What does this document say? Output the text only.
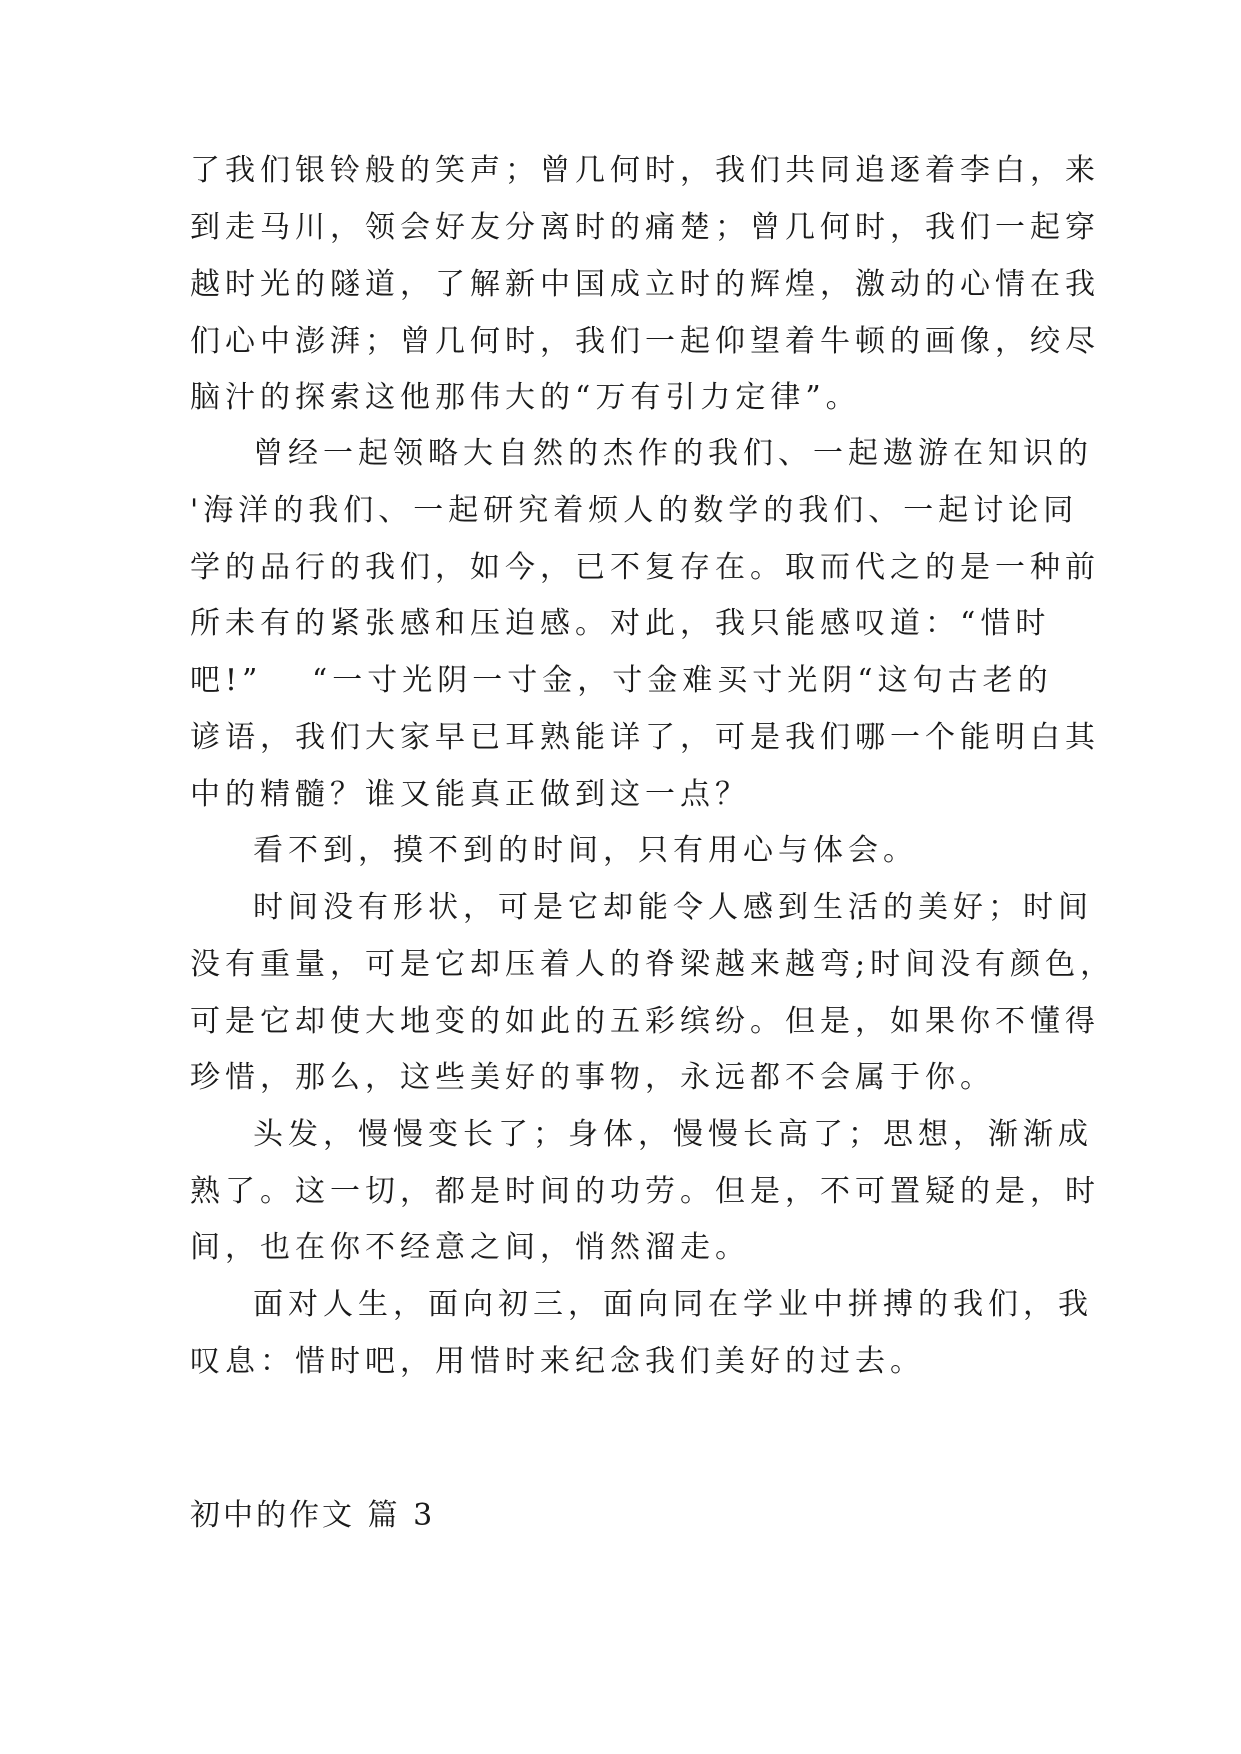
了我们银铃般的笑声；曾几何时，我们共同追逐着李白，来
到走马川，领会好友分离时的痛楚；曾几何时，我们一起穿
越时光的隧道，了解新中国成立时的辉煌，激动的心情在我
们心中澎湃；曾几何时，我们一起仰望着牛顿的画像，绞尽
脑汁的探索这他那伟大的“万有引力定律”。
曾经一起领略大自然的杰作的我们、一起遨游在知识的
'海洋的我们、一起研究着烦人的数学的我们、一起讨论同
学的品行的我们，如今，已不复存在。取而代之的是一种前
所未有的紧张感和压迫感。对此，我只能感叹道：“惜时
吧!”　 “一寸光阴一寸金，寸金难买寸光阴“这句古老的
谚语，我们大家早已耳熟能详了，可是我们哪一个能明白其
中的精髓？谁又能真正做到这一点？
看不到，摸不到的时间，只有用心与体会。
时间没有形状，可是它却能令人感到生活的美好；时间
没有重量，可是它却压着人的脊梁越来越弯;时间没有颜色，
可是它却使大地变的如此的五彩缤纷。但是，如果你不懂得
珍惜，那么，这些美好的事物，永远都不会属于你。
头发，慢慢变长了；身体，慢慢长高了；思想，渐渐成
熟了。这一切，都是时间的功劳。但是，不可置疑的是，时
间，也在你不经意之间，悄然溜走。
面对人生，面向初三，面向同在学业中拼搏的我们，我
叹息：惜时吧，用惜时来纪念我们美好的过去。
初中的作文 篇 3
